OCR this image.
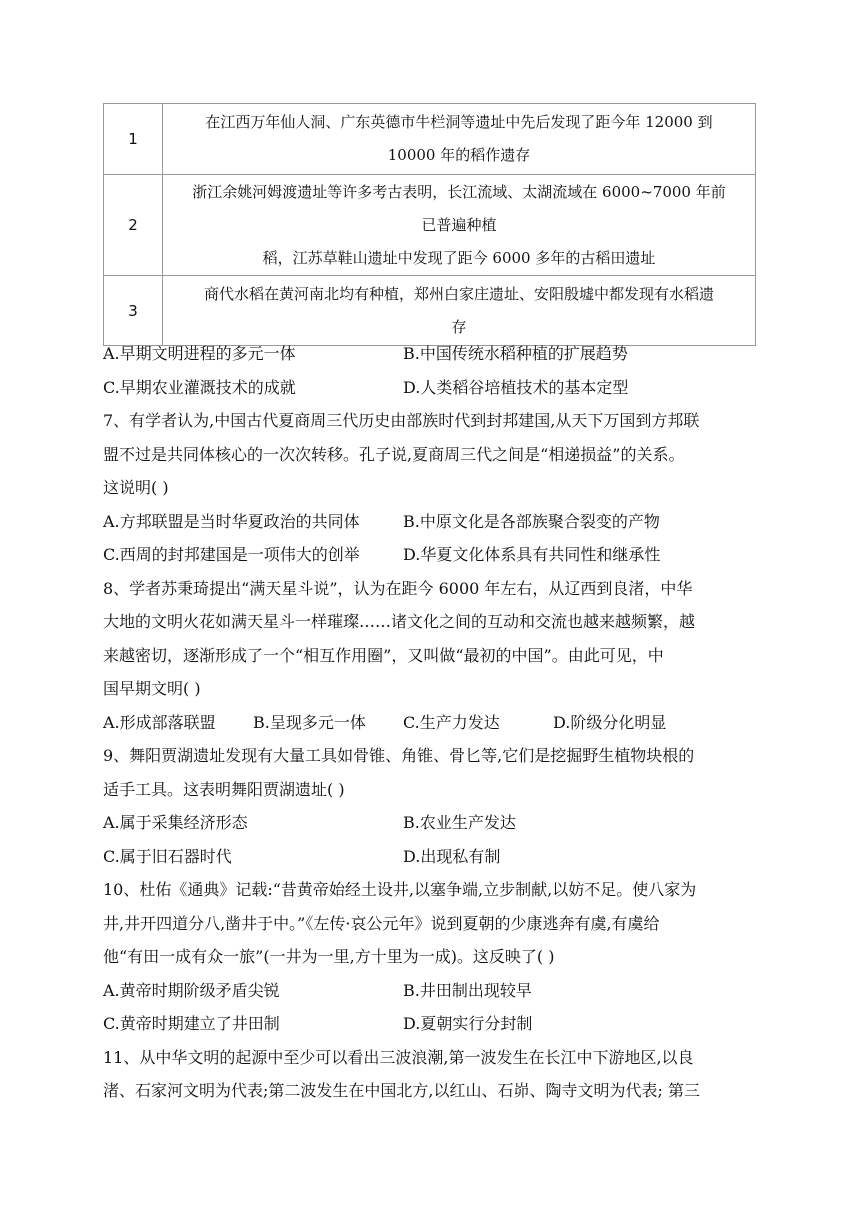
1	在江西万年仙人洞、广东英德市牛栏洞等遗址中先后发现了距今年 12000 到
10000 年的稻作遗存

2	浙江余姚河姆渡遗址等许多考古表明，长江流域、太湖流域在 6000~7000 年前
已普遍种植
稻，江苏草鞋山遗址中发现了距今 6000 多年的古稻田遗址

3	商代水稻在黄河南北均有种植，郑州白家庄遗址、安阳殷墟中都发现有水稻遗
存
A.早期文明进程的多元一体	B.中国传统水稻种植的扩展趋势
C.早期农业灌溉技术的成就	D.人类稻谷培植技术的基本定型
7、有学者认为,中国古代夏商周三代历史由部族时代到封邦建国,从天下万国到方邦联
盟不过是共同体核心的一次次转移。孔子说,夏商周三代之间是“相递损益”的关系。
这说明( )
A.方邦联盟是当时华夏政治的共同体	B.中原文化是各部族聚合裂变的产物
C.西周的封邦建国是一项伟大的创举	D.华夏文化体系具有共同性和继承性
8、学者苏秉琦提出“满天星斗说”，认为在距今 6000 年左右，从辽西到良渚，中华
大地的文明火花如满天星斗一样璀璨……诸文化之间的互动和交流也越来越频繁，越
来越密切，逐渐形成了一个“相互作用圈”，又叫做“最初的中国”。由此可见，中
国早期文明( )
A.形成部落联盟 B.呈现多元一体 C.生产力发达	D.阶级分化明显
9、舞阳贾湖遗址发现有大量工具如骨锥、角锥、骨匕等,它们是挖掘野生植物块根的
适手工具。这表明舞阳贾湖遗址( )
A.属于采集经济形态	B.农业生产发达
C.属于旧石器时代	D.出现私有制
10、杜佑《通典》记载:“昔黄帝始经土设井,以塞争端,立步制献,以妨不足。使八家为
井,井开四道分八,凿井于中。”《左传·哀公元年》说到夏朝的少康逃奔有虞,有虞给
他“有田一成有众一旅”(一井为一里,方十里为一成)。这反映了( )
A.黄帝时期阶级矛盾尖锐	B.井田制出现较早
C.黄帝时期建立了井田制	D.夏朝实行分封制
11、从中华文明的起源中至少可以看出三波浪潮,第一波发生在长江中下游地区,以良
渚、石家河文明为代表;第二波发生在中国北方,以红山、石峁、陶寺文明为代表; 第三
